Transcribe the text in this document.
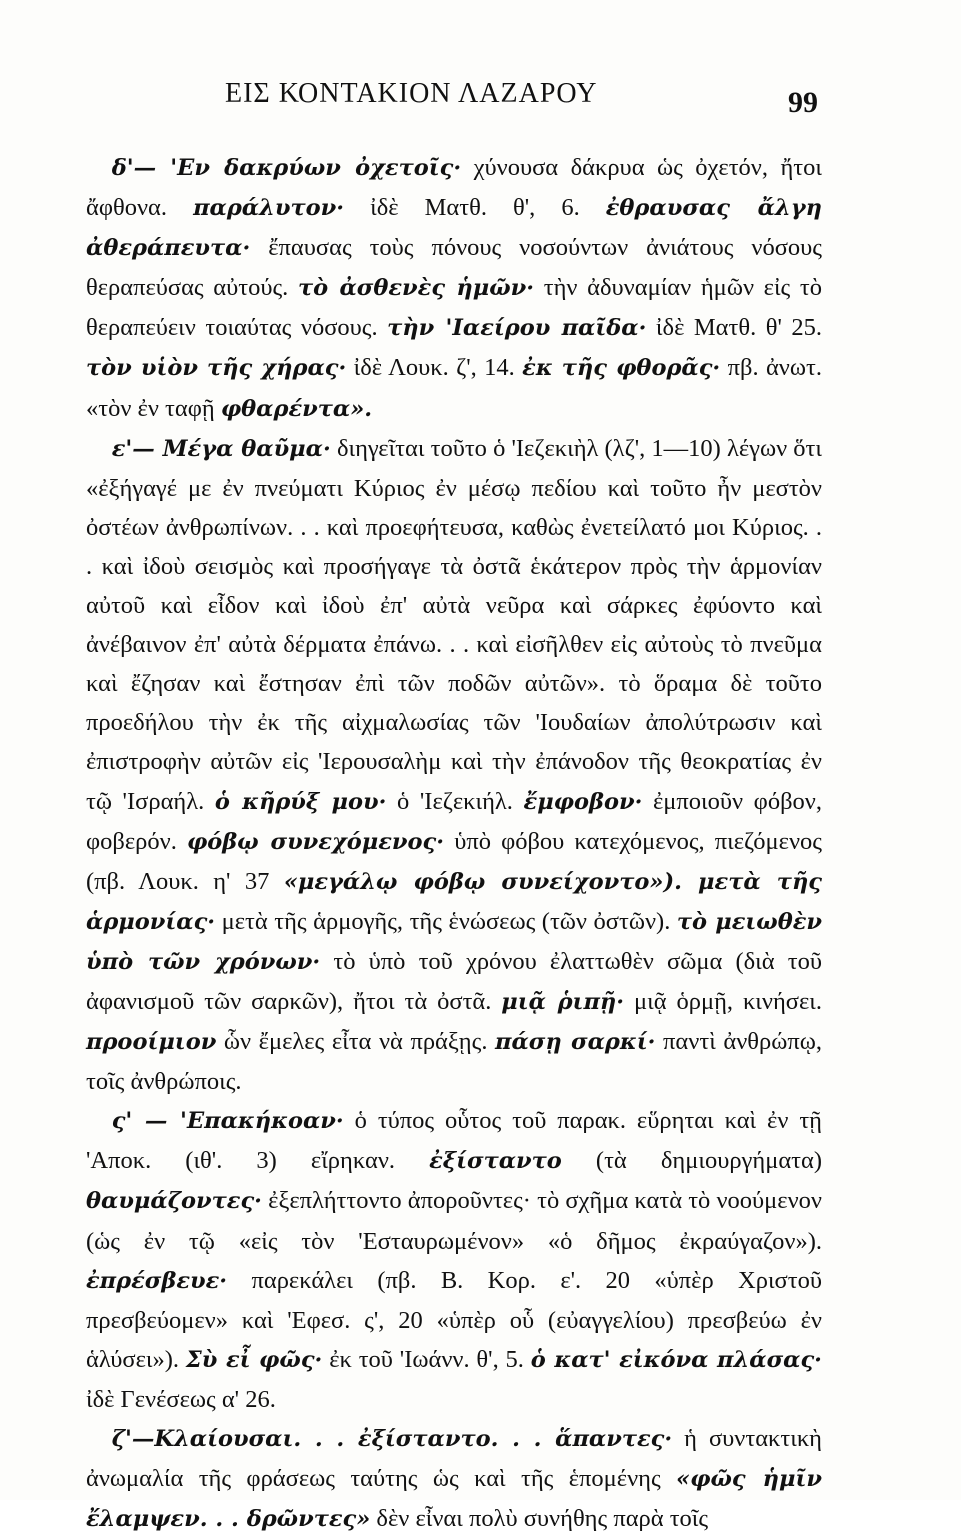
ΕΙΣ ΚΟΝΤΑΚΙΟΝ ΛΑΖΑΡΟΥ	99

δ'— 'Εν δακρύων ὀχετοῖς· χύνουσα δάκρυα ὡς ὀχετόν, ἤτοι ἄφθονα. παράλυτον· ἰδὲ Ματθ. θ', 6. ἐθραυσας ἄλγη ἀθεράπευτα· ἔπαυσας τοὺς πόνους νοσούντων ἀνιάτους νόσους θεραπεύσας αὐτούς. τὸ ἀσθενὲς ἡμῶν· τὴν ἀδυναμίαν ἡμῶν εἰς τὸ θεραπεύειν τοιαύτας νόσους. τὴν 'Ιαείρου παῖδα· ἰδὲ Ματθ. θ' 25. τὸν υἱὸν τῆς χήρας· ἰδὲ Λουκ. ζ', 14. ἐκ τῆς φθορᾶς· πβ. ἀνωτ. «τὸν ἐν ταφῇ φθαρέντα».

ε'— Μέγα θαῦμα· διηγεῖται τοῦτο ὁ 'Ιεζεκιὴλ (λζ', 1—10) λέγων ὅτι «ἐξήγαγέ με ἐν πνεύματι Κύριος ἐν μέσῳ πεδίου καὶ τοῦτο ἦν μεστὸν ὀστέων ἀνθρωπίνων. . . καὶ προεφήτευσα, καθὼς ἐνετείλατό μοι Κύριος. . . καὶ ἰδοὺ σεισμὸς καὶ προσήγαγε τὰ ὀστᾶ ἑκάτερον πρὸς τὴν ἁρμονίαν αὐτοῦ καὶ εἶδον καὶ ἰδοὺ ἐπ' αὐτὰ νεῦρα καὶ σάρκες ἐφύοντο καὶ ἀνέβαινον ἐπ' αὐτὰ δέρματα ἐπάνω. . . καὶ εἰσῆλθεν εἰς αὐτοὺς τὸ πνεῦμα καὶ ἔζησαν καὶ ἔστησαν ἐπὶ τῶν ποδῶν αὐτῶν». τὸ ὅραμα δὲ τοῦτο προεδήλου τὴν ἐκ τῆς αἰχμαλωσίας τῶν 'Ιουδαίων ἀπολύτρωσιν καὶ ἐπιστροφὴν αὐτῶν εἰς 'Ιερουσαλὴμ καὶ τὴν ἐπάνοδον τῆς θεοκρατίας ἐν τῷ 'Ισραήλ. ὁ κῆρύξ μου· ὁ 'Ιεζεκιήλ. ἔμφοβον· ἐμποιοῦν φόβον, φοβερόν. φόβῳ συνεχόμενος· ὑπὸ φόβου κατεχόμενος, πιεζόμενος (πβ. Λουκ. η' 37 «μεγάλῳ φόβῳ συνείχοντο»). μετὰ τῆς ἁρμονίας· μετὰ τῆς ἁρμογῆς, τῆς ἑνώσεως (τῶν ὀστῶν). τὸ μειωθὲν ὑπὸ τῶν χρόνων· τὸ ὑπὸ τοῦ χρόνου ἐλαττωθὲν σῶμα (διὰ τοῦ ἀφανισμοῦ τῶν σαρκῶν), ἤτοι τὰ ὀστᾶ. μιᾷ ῥιπῇ· μιᾷ ὁρμῇ, κινήσει. προοίμιον ὧν ἔμελες εἶτα νὰ πράξῃς. πάσῃ σαρκί· παντὶ ἀνθρώπῳ, τοῖς ἀνθρώποις.

ς' — 'Επακήκοαν· ὁ τύπος οὗτος τοῦ παρακ. εὕρηται καὶ ἐν τῇ 'Αποκ. (ιθ'. 3) εἴρηκαν. ἐξίσταντο (τὰ δημιουργήματα) θαυμάζοντες· ἐξεπλήττοντο ἀποροῦντες· τὸ σχῆμα κατὰ τὸ νοούμενον (ὡς ἐν τῷ «εἰς τὸν 'Εσταυρωμένον» «ὁ δῆμος ἐκραύγαζον»). ἐπρέσβευε· παρεκάλει (πβ. Β. Κορ. ε'. 20 «ὑπὲρ Χριστοῦ πρεσβεύομεν» καὶ 'Εφεσ. ς', 20 «ὑπὲρ οὗ (εὐαγγελίου) πρεσβεύω ἐν ἁλύσει»). Σὺ εἶ φῶς· ἐκ τοῦ 'Ιωάνν. θ', 5. ὁ κατ' εἰκόνα πλάσας· ἰδὲ Γενέσεως α' 26.

ζ'—Κλαίουσαι. . . ἐξίσταντο. . . ἅπαντες· ἡ συντακτικὴ ἀνωμαλία τῆς φράσεως ταύτης ὡς καὶ τῆς ἑπομένης «φῶς ἡμῖν ἔλαμψεν. . . δρῶντες» δὲν εἶναι πολὺ συνήθης παρὰ τοῖς
